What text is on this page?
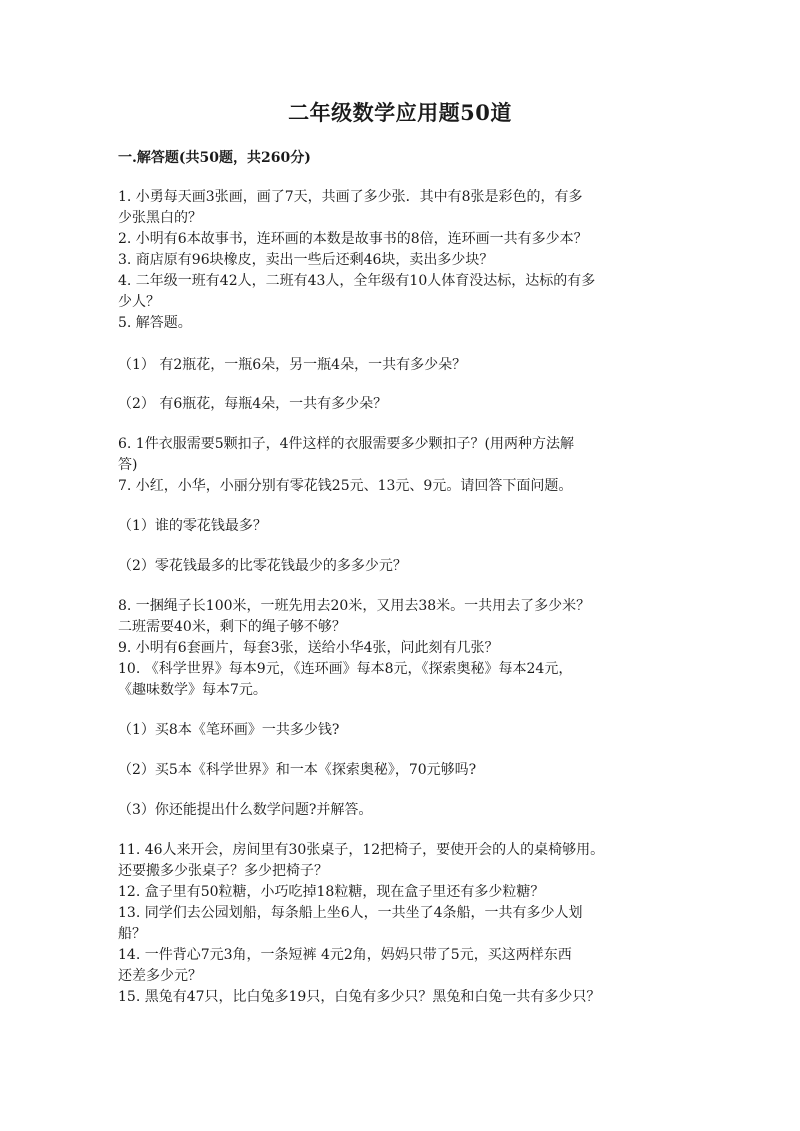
二年级数学应用题50道
一.解答题(共50题，共260分)
1. 小勇每天画3张画，画了7天，共画了多少张．其中有8张是彩色的，有多
少张黑白的？
2. 小明有6本故事书，连环画的本数是故事书的8倍，连环画一共有多少本？
3. 商店原有96块橡皮，卖出一些后还剩46块，卖出多少块？
4. 二年级一班有42人，二班有43人，全年级有10人体育没达标，达标的有多
少人？
5. 解答题。
（1） 有2瓶花，一瓶6朵，另一瓶4朵，一共有多少朵？
（2） 有6瓶花，每瓶4朵，一共有多少朵？
6. 1件衣服需要5颗扣子，4件这样的衣服需要多少颗扣子？(用两种方法解
答)
7. 小红，小华，小丽分别有零花钱25元、13元、9元。请回答下面问题。
（1）谁的零花钱最多？
（2）零花钱最多的比零花钱最少的多多少元？
8. 一捆绳子长100米，一班先用去20米，又用去38米。一共用去了多少米？
二班需要40米，剩下的绳子够不够？
9. 小明有6套画片，每套3张，送给小华4张，问此刻有几张？
10. 《科学世界》每本9元，《连环画》每本8元，《探索奥秘》每本24元，
《趣味数学》每本7元。
（1）买8本《笔环画》一共多少钱?
（2）买5本《科学世界》和一本《探索奥秘》，70元够吗?
（3）你还能提出什么数学问题?并解答。
11. 46人来开会，房间里有30张桌子，12把椅子，要使开会的人的桌椅够用。
还要搬多少张桌子？多少把椅子？
12. 盒子里有50粒糖，小巧吃掉18粒糖，现在盒子里还有多少粒糖？
13. 同学们去公园划船，每条船上坐6人，一共坐了4条船，一共有多少人划
船？
14. 一件背心7元3角，一条短裤 4元2角，妈妈只带了5元，买这两样东西
还差多少元？
15. 黑兔有47只，比白兔多19只，白兔有多少只？黑兔和白兔一共有多少只？
